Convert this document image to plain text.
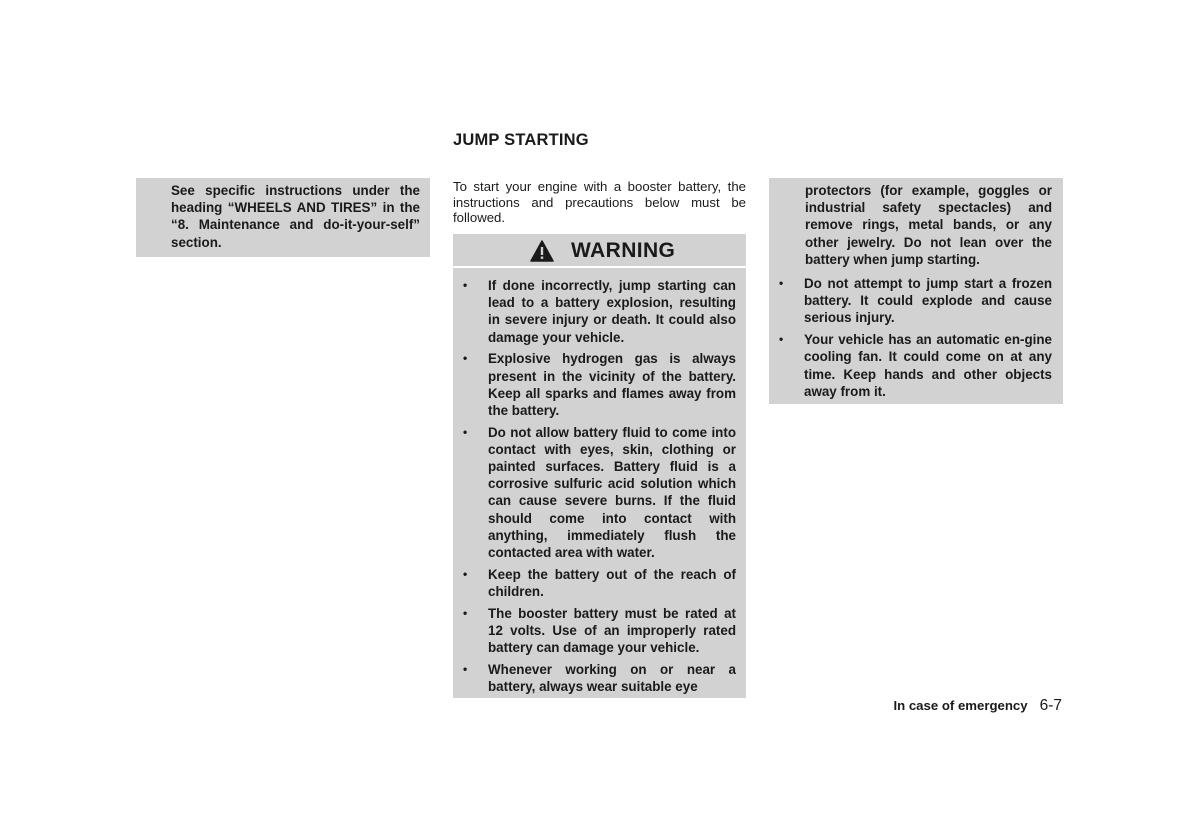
See specific instructions under the heading “WHEELS AND TIRES” in the “8. Maintenance and do-it-your-self” section.
JUMP STARTING
To start your engine with a booster battery, the instructions and precautions below must be followed.
WARNING
• If done incorrectly, jump starting can lead to a battery explosion, resulting in severe injury or death. It could also damage your vehicle.
• Explosive hydrogen gas is always present in the vicinity of the battery. Keep all sparks and flames away from the battery.
• Do not allow battery fluid to come into contact with eyes, skin, clothing or painted surfaces. Battery fluid is a corrosive sulfuric acid solution which can cause severe burns. If the fluid should come into contact with anything, immediately flush the contacted area with water.
• Keep the battery out of the reach of children.
• The booster battery must be rated at 12 volts. Use of an improperly rated battery can damage your vehicle.
• Whenever working on or near a battery, always wear suitable eye
protectors (for example, goggles or industrial safety spectacles) and remove rings, metal bands, or any other jewelry. Do not lean over the battery when jump starting.
• Do not attempt to jump start a frozen battery. It could explode and cause serious injury.
• Your vehicle has an automatic en-gine cooling fan. It could come on at any time. Keep hands and other objects away from it.
In case of emergency 6-7
